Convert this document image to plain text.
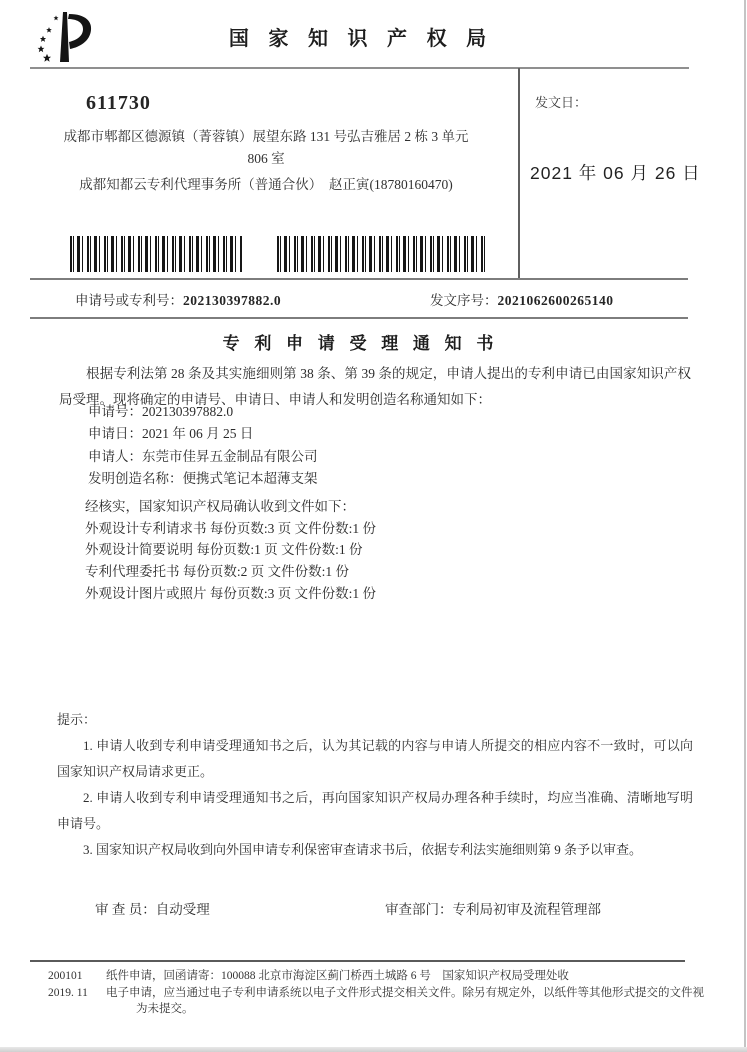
国 家 知 识 产 权 局
发文日：
2021 年 06 月 26 日
611730
成都市郫都区德源镇（菁蓉镇）展望东路 131 号弘吉雅居 2 栋 3 单元
806 室
成都知都云专利代理事务所（普通合伙）　赵正寅(18780160470)
申请号或专利号：202130397882.0	发文序号：2021062600265140
专 利 申 请 受 理 通 知 书
根据专利法第 28 条及其实施细则第 38 条、第 39 条的规定，申请人提出的专利申请已由国家知识产权局受理。现将确定的申请号、申请日、申请人和发明创造名称通知如下：
申请号：202130397882.0
申请日：2021 年 06 月 25 日
申请人：东莞市佳昇五金制品有限公司
发明创造名称：便携式笔记本超薄支架
经核实，国家知识产权局确认收到文件如下：
外观设计专利请求书 每份页数:3 页 文件份数:1 份
外观设计简要说明 每份页数:1 页 文件份数:1 份
专利代理委托书 每份页数:2 页 文件份数:1 份
外观设计图片或照片 每份页数:3 页 文件份数:1 份
提示：

1. 申请人收到专利申请受理通知书之后，认为其记载的内容与申请人所提交的相应内容不一致时，可以向国家知识产权局请求更正。

2. 申请人收到专利申请受理通知书之后，再向国家知识产权局办理各种手续时，均应当准确、清晰地写明申请号。

3. 国家知识产权局收到向外国申请专利保密审查请求书后，依据专利法实施细则第 9 条予以审查。

审 查 员：自动受理	审查部门：专利局初审及流程管理部
200101
2019. 11
纸件申请，回函请寄：100088 北京市海淀区蓟门桥西土城路 6 号　国家知识产权局受理处收
电子申请，应当通过电子专利申请系统以电子文件形式提交相关文件。除另有规定外，以纸件等其他形式提交的文件视为未提交。
